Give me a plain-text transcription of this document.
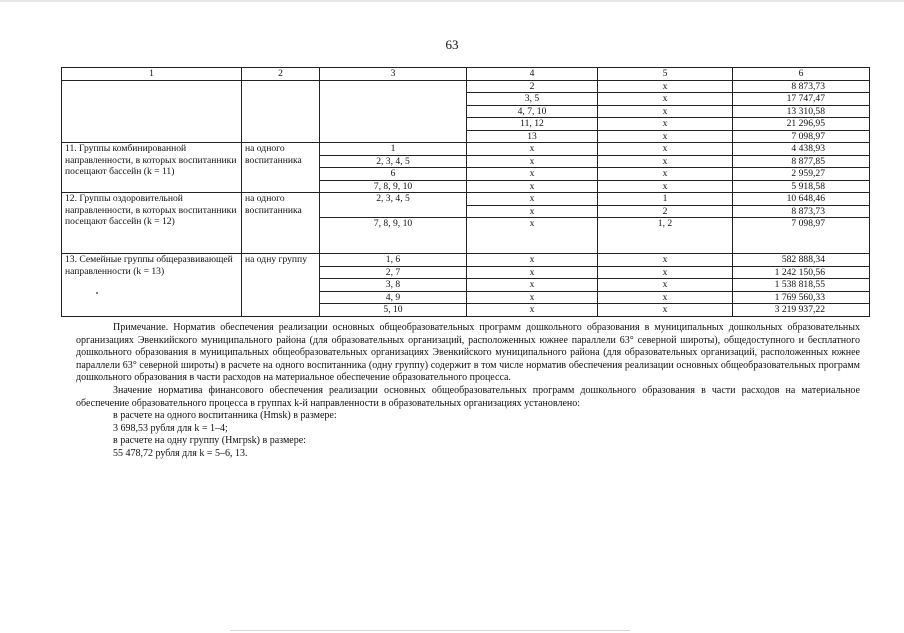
63
1	2	3	4	5	6
			2	x	8 873,73
			3, 5	x	17 747,47
			4, 7, 10	x	13 310,58
			11, 12	x	21 296,95
			13	x	7 098,97
11. Группы комбинированной направленности, в которых воспитанники посещают бассейн (k = 11)	на одного воспитанника	1	x	x	4 438,93
		2, 3, 4, 5	x	x	8 877,85
		6	x	x	2 959,27
		7, 8, 9, 10	x	x	5 918,58
12. Группы оздоровительной направленности, в которых воспитанники посещают бассейн (k = 12)	на одного воспитанника	2, 3, 4, 5	x	1	10 648,46
			x	2	8 873,73
		7, 8, 9, 10	x	1, 2	7 098,97
13. Семейные группы общеразвивающей направленности (k = 13)	на одну группу	1, 6	x	x	582 888,34
		2, 7	x	x	1 242 150,56
		3, 8	x	x	1 538 818,55
		4, 9	x	x	1 769 560,33
		5, 10	x	x	3 219 937,22

Примечание. Норматив обеспечения реализации основных общеобразовательных программ дошкольного образования в муниципальных дошкольных образовательных организациях Эвенкийского муниципального района (для образовательных организаций, расположенных южнее параллели 63° северной широты), общедоступного и бесплатного дошкольного образования в муниципальных общеобразовательных организациях Эвенкийского муниципального района (для образовательных организаций, расположенных южнее параллели 63° северной широты) в расчете на одного воспитанника (одну группу) содержит в том числе норматив обеспечения реализации основных общеобразовательных программ дошкольного образования в части расходов на материальное обеспечение образовательного процесса.

Значение норматива финансового обеспечения реализации основных общеобразовательных программ дошкольного образования в части расходов на материальное обеспечение образовательного процесса в группах k-й направленности в образовательных организациях установлено:

в расчете на одного воспитанника (Hmsk) в размере:

3 698,53 рубля для k = 1–4;

в расчете на одну группу (Hмгpsk) в размере:

55 478,72 рубля для k = 5–6, 13.
